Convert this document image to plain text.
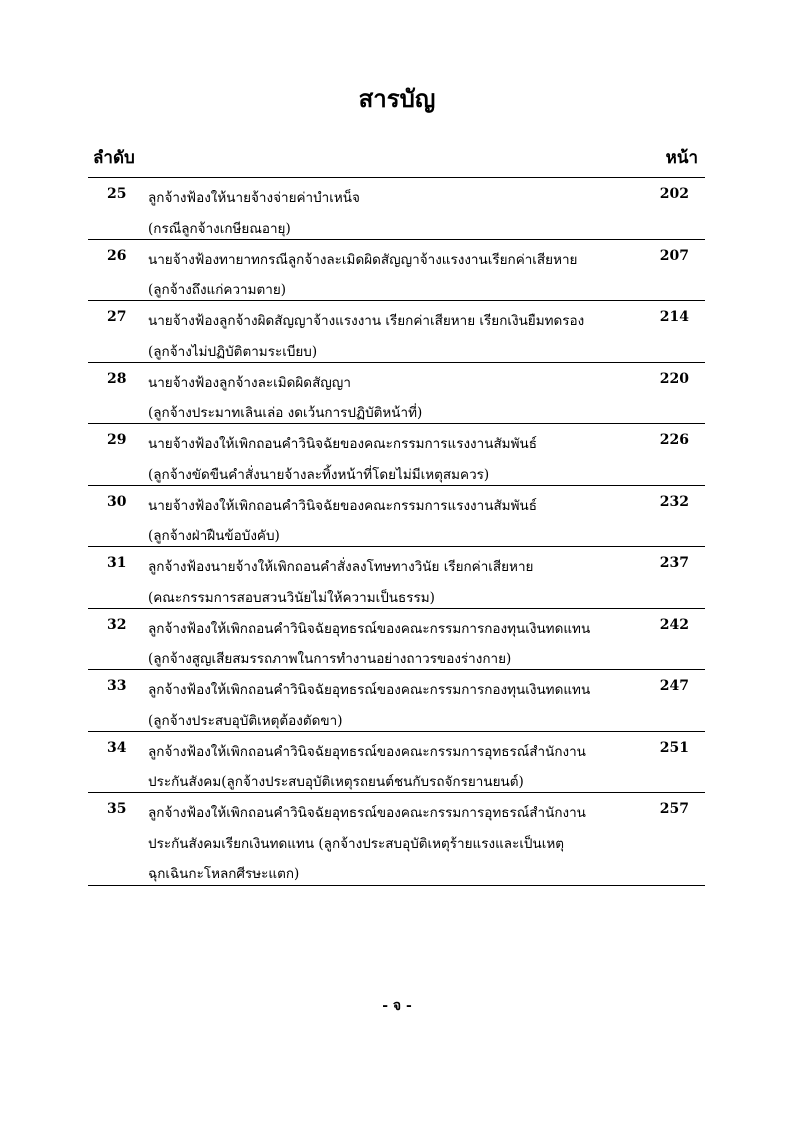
สารบัญ
ลำดับ	หน้า
25 ลูกจ้างฟ้องให้นายจ้างจ่ายค่าบำเหน็จ
(กรณีลูกจ้างเกษียณอายุ)
202
26 นายจ้างฟ้องทายาทกรณีลูกจ้างละเมิดผิดสัญญาจ้างแรงงานเรียกค่าเสียหาย
(ลูกจ้างถึงแก่ความตาย)
207
27 นายจ้างฟ้องลูกจ้างผิดสัญญาจ้างแรงงาน เรียกค่าเสียหาย เรียกเงินยืมทดรอง
(ลูกจ้างไม่ปฏิบัติตามระเบียบ)
214
28 นายจ้างฟ้องลูกจ้างละเมิดผิดสัญญา
(ลูกจ้างประมาทเลินเล่อ งดเว้นการปฏิบัติหน้าที่)
220
29 นายจ้างฟ้องให้เพิกถอนคำวินิจฉัยของคณะกรรมการแรงงานสัมพันธ์
(ลูกจ้างขัดขืนคำสั่งนายจ้างละทิ้งหน้าที่โดยไม่มีเหตุสมควร)
226
30 นายจ้างฟ้องให้เพิกถอนคำวินิจฉัยของคณะกรรมการแรงงานสัมพันธ์
(ลูกจ้างฝ่าฝืนข้อบังคับ)
232
31 ลูกจ้างฟ้องนายจ้างให้เพิกถอนคำสั่งลงโทษทางวินัย เรียกค่าเสียหาย
(คณะกรรมการสอบสวนวินัยไม่ให้ความเป็นธรรม)
237
32 ลูกจ้างฟ้องให้เพิกถอนคำวินิจฉัยอุทธรณ์ของคณะกรรมการกองทุนเงินทดแทน
(ลูกจ้างสูญเสียสมรรถภาพในการทำงานอย่างถาวรของร่างกาย)
242
33 ลูกจ้างฟ้องให้เพิกถอนคำวินิจฉัยอุทธรณ์ของคณะกรรมการกองทุนเงินทดแทน
(ลูกจ้างประสบอุบัติเหตุต้องตัดขา)
247
34 ลูกจ้างฟ้องให้เพิกถอนคำวินิจฉัยอุทธรณ์ของคณะกรรมการอุทธรณ์สำนักงาน
ประกันสังคม(ลูกจ้างประสบอุบัติเหตุรถยนต์ชนกับรถจักรยานยนต์)
251
35 ลูกจ้างฟ้องให้เพิกถอนคำวินิจฉัยอุทธรณ์ของคณะกรรมการอุทธรณ์สำนักงาน
ประกันสังคมเรียกเงินทดแทน (ลูกจ้างประสบอุบัติเหตุร้ายแรงและเป็นเหตุ
ฉุกเฉินกะโหลกศีรษะแตก)
257
- จ -
